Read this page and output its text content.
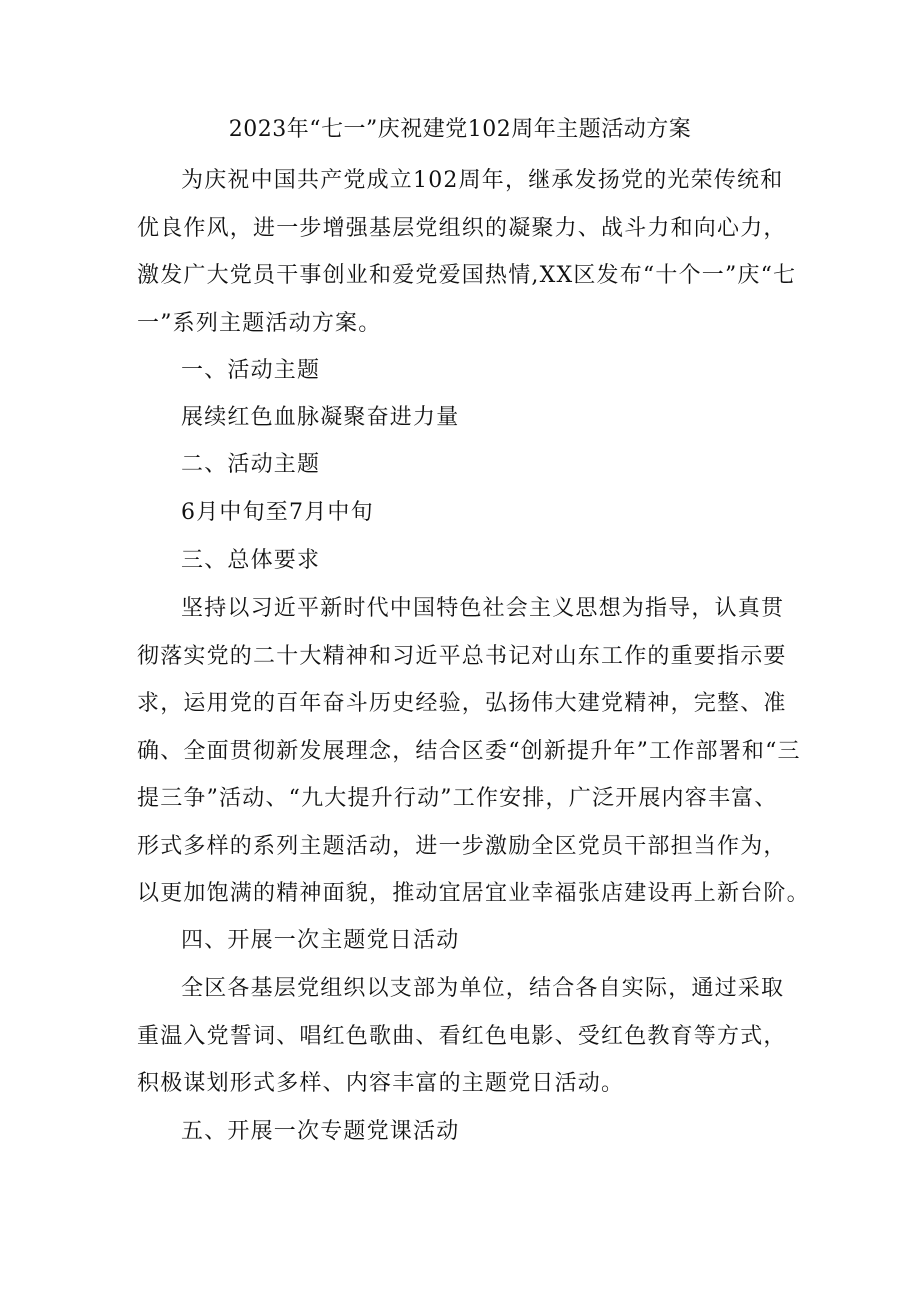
2023年“七一”庆祝建党102周年主题活动方案
为庆祝中国共产党成立102周年，继承发扬党的光荣传统和
优良作风，进一步增强基层党组织的凝聚力、战斗力和向心力，
激发广大党员干事创业和爱党爱国热情,XX区发布“十个一”庆“七
一”系列主题活动方案。
一、活动主题
展续红色血脉凝聚奋进力量
二、活动主题
6月中旬至7月中旬
三、总体要求
坚持以习近平新时代中国特色社会主义思想为指导，认真贯
彻落实党的二十大精神和习近平总书记对山东工作的重要指示要
求，运用党的百年奋斗历史经验，弘扬伟大建党精神，完整、准
确、全面贯彻新发展理念，结合区委“创新提升年”工作部署和“三
提三争”活动、“九大提升行动”工作安排，广泛开展内容丰富、
形式多样的系列主题活动，进一步激励全区党员干部担当作为，
以更加饱满的精神面貌，推动宜居宜业幸福张店建设再上新台阶。
四、开展一次主题党日活动
全区各基层党组织以支部为单位，结合各自实际，通过采取
重温入党誓词、唱红色歌曲、看红色电影、受红色教育等方式，
积极谋划形式多样、内容丰富的主题党日活动。
五、开展一次专题党课活动
